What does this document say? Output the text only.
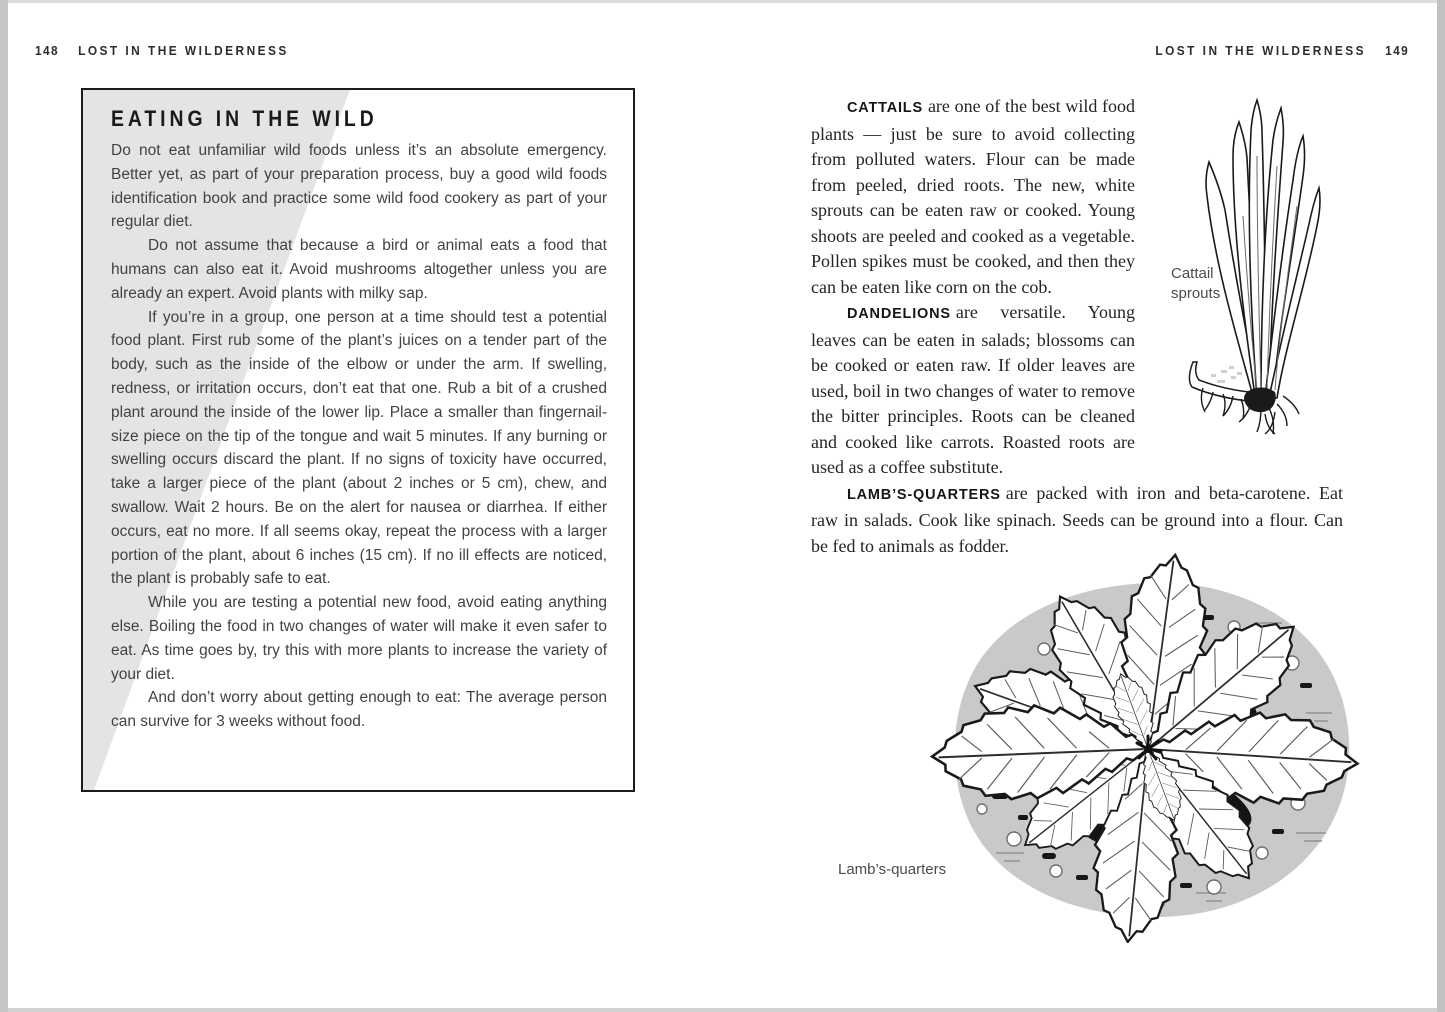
148 LOST IN THE WILDERNESS	LOST IN THE WILDERNESS 149
EATING IN THE WILD

Do not eat unfamiliar wild foods unless it’s an absolute emergency. Better yet, as part of your preparation process, buy a good wild foods identification book and practice some wild food cookery as part of your regular diet.

Do not assume that because a bird or animal eats a food that humans can also eat it. Avoid mushrooms altogether unless you are already an expert. Avoid plants with milky sap.

If you’re in a group, one person at a time should test a potential food plant. First rub some of the plant’s juices on a tender part of the body, such as the inside of the elbow or under the arm. If swelling, redness, or irritation occurs, don’t eat that one. Rub a bit of a crushed plant around the inside of the lower lip. Place a smaller than fingernail-size piece on the tip of the tongue and wait 5 minutes. If any burning or swelling occurs discard the plant. If no signs of toxicity have occurred, take a larger piece of the plant (about 2 inches or 5 cm), chew, and swallow. Wait 2 hours. Be on the alert for nausea or diarrhea. If either occurs, eat no more. If all seems okay, repeat the process with a larger portion of the plant, about 6 inches (15 cm). If no ill effects are noticed, the plant is probably safe to eat.

While you are testing a potential new food, avoid eating anything else. Boiling the food in two changes of water will make it even safer to eat. As time goes by, try this with more plants to increase the variety of your diet.

And don’t worry about getting enough to eat: The average person can survive for 3 weeks without food.

Cattail sprouts

CATTAILS are one of the best wild food plants — just be sure to avoid collecting from polluted waters. Flour can be made from peeled, dried roots. The new, white sprouts can be eaten raw or cooked. Young shoots are peeled and cooked as a vegetable. Pollen spikes must be cooked, and then they can be eaten like corn on the cob.

DANDELIONS are versatile. Young leaves can be eaten in salads; blossoms can be cooked or eaten raw. If older leaves are used, boil in two changes of water to remove the bitter principles. Roots can be cleaned and cooked like carrots. Roasted roots are used as a coffee substitute.

LAMB’S-QUARTERS are packed with iron and beta-carotene. Eat raw in salads. Cook like spinach. Seeds can be ground into a flour. Can be fed to animals as fodder.

Lamb’s-quarters
